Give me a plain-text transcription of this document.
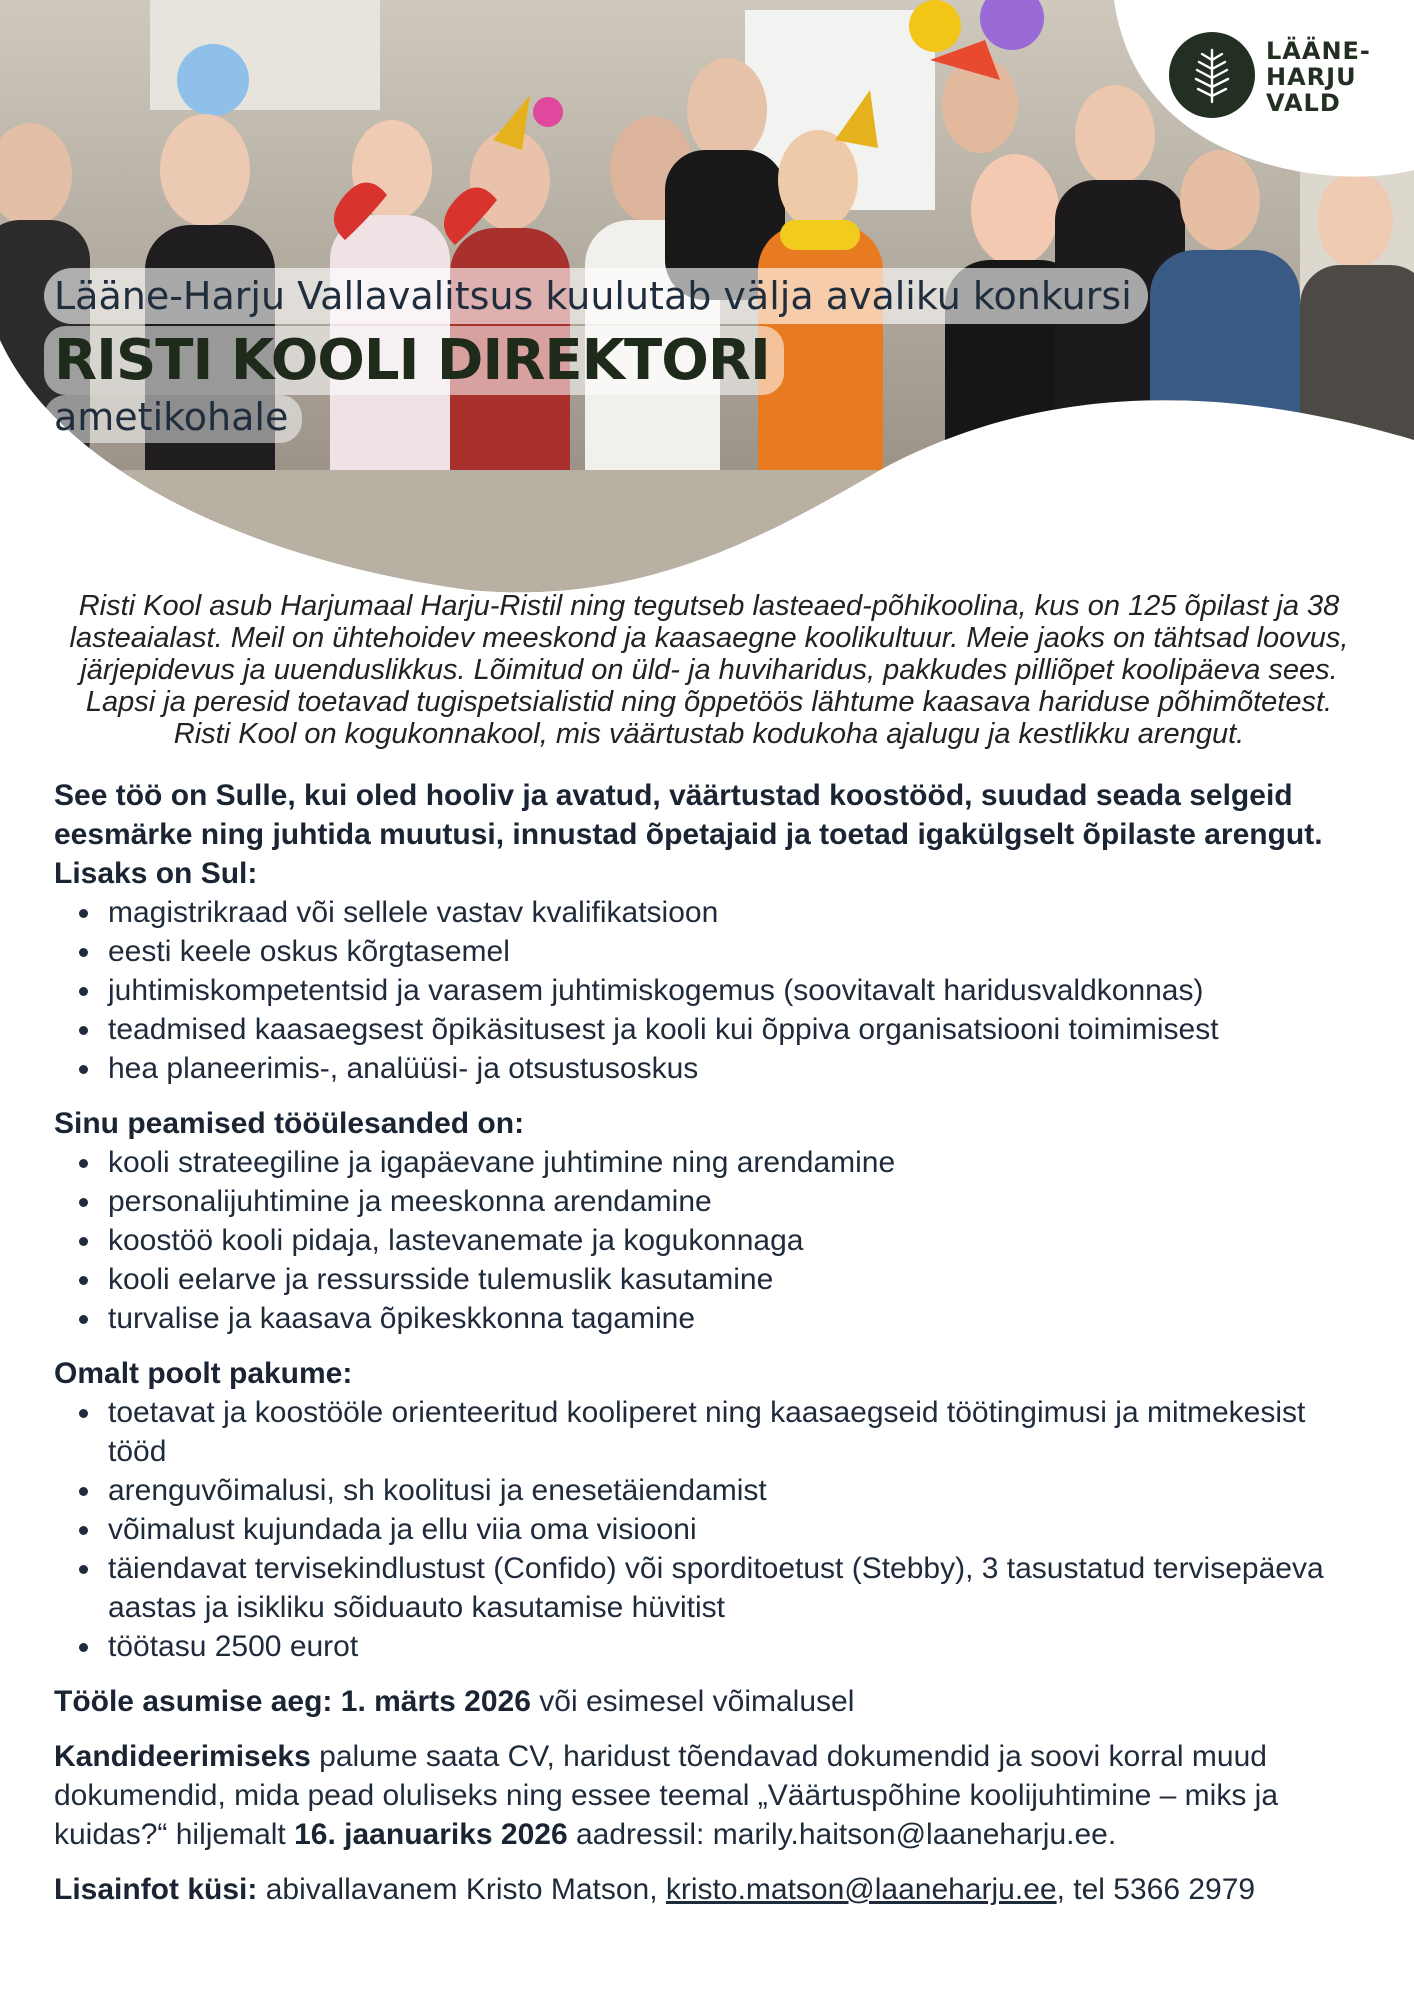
LÄÄNE-
HARJU
VALD
Lääne-Harju Vallavalitsus kuulutab välja avaliku konkursi
RISTI KOOLI DIREKTORI
ametikohale

Risti Kool asub Harjumaal Harju-Ristil ning tegutseb lasteaed-põhikoolina, kus on 125 õpilast ja 38 lasteaialast. Meil on ühtehoidev meeskond ja kaasaegne koolikultuur. Meie jaoks on tähtsad loovus, järjepidevus ja uuenduslikkus. Lõimitud on üld- ja huviharidus, pakkudes pilliõpet koolipäeva sees. Lapsi ja peresid toetavad tugispetsialistid ning õppetöös lähtume kaasava hariduse põhimõtetest. Risti Kool on kogukonnakool, mis väärtustab kodukoha ajalugu ja kestlikku arengut.

See töö on Sulle, kui oled hooliv ja avatud, väärtustad koostööd, suudad seada selgeid eesmärke ning juhtida muutusi, innustad õpetajaid ja toetad igakülgselt õpilaste arengut. Lisaks on Sul:

magistrikraad või sellele vastav kvalifikatsioon
eesti keele oskus kõrgtasemel
juhtimiskompetentsid ja varasem juhtimiskogemus (soovitavalt haridusvaldkonnas)
teadmised kaasaegsest õpikäsitusest ja kooli kui õppiva organisatsiooni toimimisest
hea planeerimis-, analüüsi- ja otsustusoskus

Sinu peamised tööülesanded on:

kooli strateegiline ja igapäevane juhtimine ning arendamine
personalijuhtimine ja meeskonna arendamine
koostöö kooli pidaja, lastevanemate ja kogukonnaga
kooli eelarve ja ressursside tulemuslik kasutamine
turvalise ja kaasava õpikeskkonna tagamine

Omalt poolt pakume:

toetavat ja koostööle orienteeritud kooliperet ning kaasaegseid töötingimusi ja mitmekesist tööd
arenguvõimalusi, sh koolitusi ja enesetäiendamist
võimalust kujundada ja ellu viia oma visiooni
täiendavat tervisekindlustust (Confido) või sporditoetust (Stebby), 3 tasustatud tervisepäeva aastas ja isikliku sõiduauto kasutamise hüvitist
töötasu 2500 eurot

Tööle asumise aeg: 1. märts 2026 või esimesel võimalusel

Kandideerimiseks palume saata CV, haridust tõendavad dokumendid ja soovi korral muud dokumendid, mida pead oluliseks ning essee teemal „Väärtuspõhine koolijuhtimine – miks ja kuidas?“ hiljemalt 16. jaanuariks 2026 aadressil: marily.haitson@laaneharju.ee.

Lisainfot küsi: abivallavanem Kristo Matson, kristo.matson@laaneharju.ee, tel 5366 2979
